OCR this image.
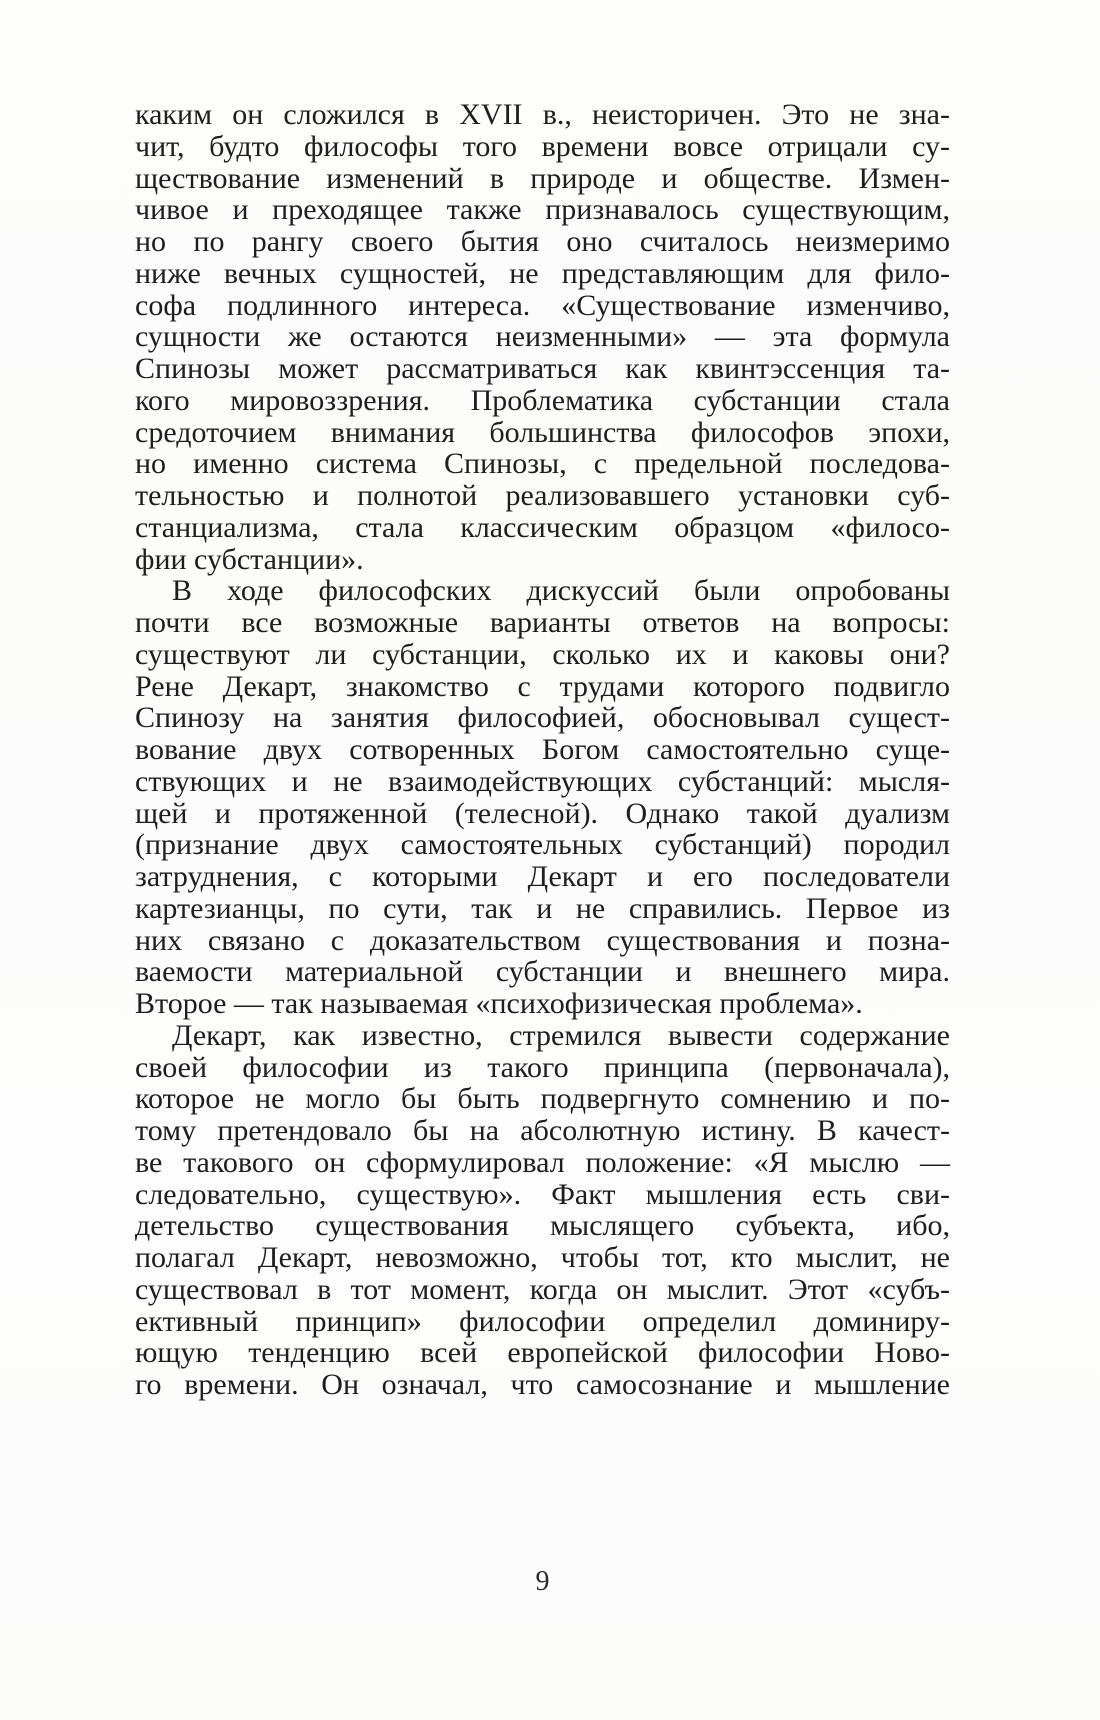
каким он сложился в XVII в., неисторичен. Это не зна-
чит, будто философы того времени вовсе отрицали су-
ществование изменений в природе и обществе. Измен-
чивое и преходящее также признавалось существующим,
но по рангу своего бытия оно считалось неизмеримо
ниже вечных сущностей, не представляющим для фило-
софа подлинного интереса. «Существование изменчиво,
сущности же остаются неизменными» — эта формула
Спинозы может рассматриваться как квинтэссенция та-
кого мировоззрения. Проблематика субстанции стала
средоточием внимания большинства философов эпохи,
но именно система Спинозы, с предельной последова-
тельностью и полнотой реализовавшего установки суб-
станциализма, стала классическим образцом «филосо-
фии субстанции».
В ходе философских дискуссий были опробованы
почти все возможные варианты ответов на вопросы:
существуют ли субстанции, сколько их и каковы они?
Рене Декарт, знакомство с трудами которого подвигло
Спинозу на занятия философией, обосновывал сущест-
вование двух сотворенных Богом самостоятельно суще-
ствующих и не взаимодействующих субстанций: мысля-
щей и протяженной (телесной). Однако такой дуализм
(признание двух самостоятельных субстанций) породил
затруднения, с которыми Декарт и его последователи
картезианцы, по сути, так и не справились. Первое из
них связано с доказательством существования и позна-
ваемости материальной субстанции и внешнего мира.
Второе — так называемая «психофизическая проблема».
Декарт, как известно, стремился вывести содержание
своей философии из такого принципа (первоначала),
которое не могло бы быть подвергнуто сомнению и по-
тому претендовало бы на абсолютную истину. В качест-
ве такового он сформулировал положение: «Я мыслю —
следовательно, существую». Факт мышления есть сви-
детельство существования мыслящего субъекта, ибо,
полагал Декарт, невозможно, чтобы тот, кто мыслит, не
существовал в тот момент, когда он мыслит. Этот «субъ-
ективный принцип» философии определил доминиру-
ющую тенденцию всей европейской философии Ново-
го времени. Он означал, что самосознание и мышление
9
